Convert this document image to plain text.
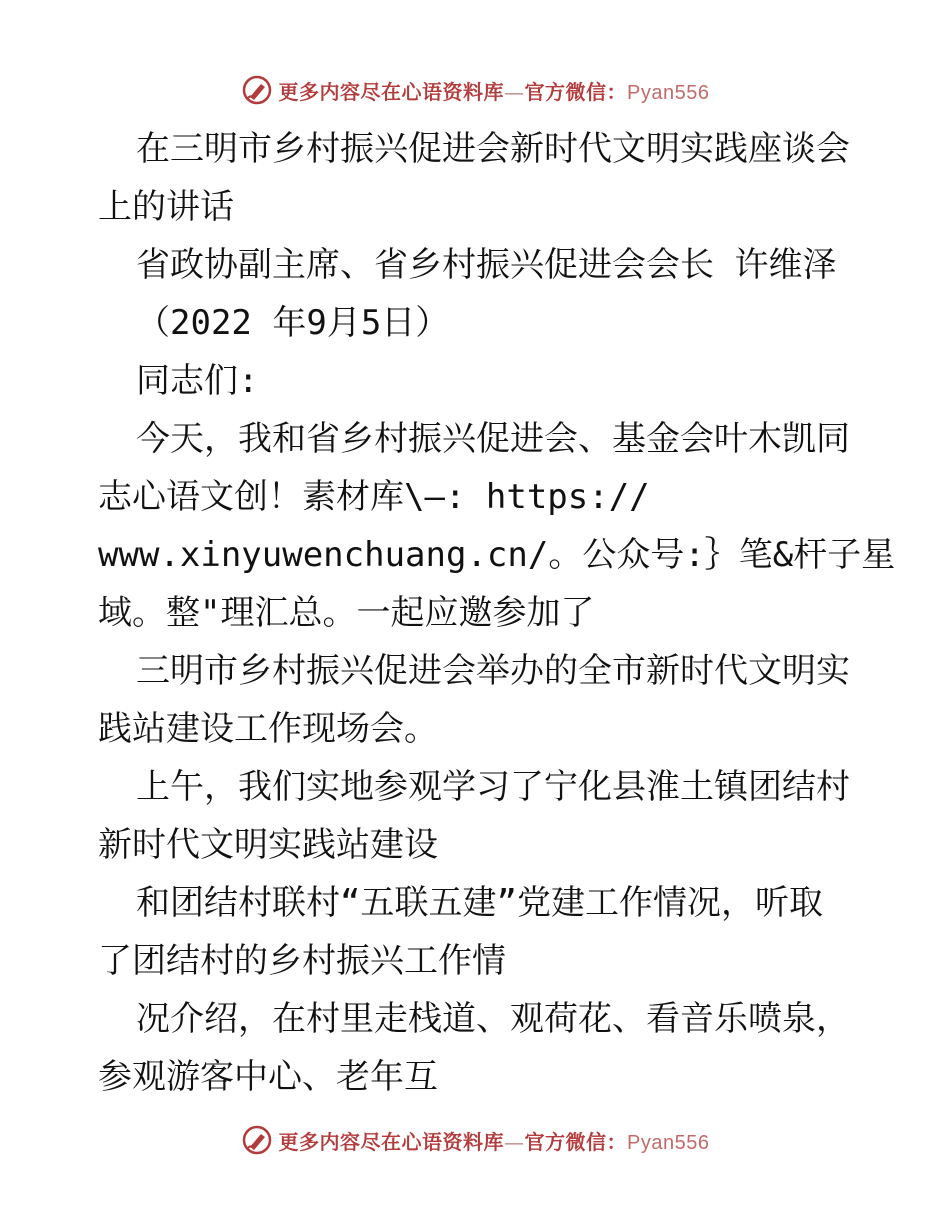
更多内容尽在心语资料库—官方微信：Pyan556
在三明市乡村振兴促进会新时代文明实践座谈会
上的讲话
省政协副主席、省乡村振兴促进会会长 许维泽
（2022 年9月5日）
同志们:
今天，我和省乡村振兴促进会、基金会叶木凯同
志心语文创！素材库\—: https://
www.xinyuwenchuang.cn/。公众号:｝笔&杆子星
域。整"理汇总。一起应邀参加了
三明市乡村振兴促进会举办的全市新时代文明实
践站建设工作现场会。
上午，我们实地参观学习了宁化县淮土镇团结村
新时代文明实践站建设
和团结村联村“五联五建”党建工作情况，听取
了团结村的乡村振兴工作情
况介绍，在村里走栈道、观荷花、看音乐喷泉，
参观游客中心、老年互
更多内容尽在心语资料库—官方微信：Pyan556
